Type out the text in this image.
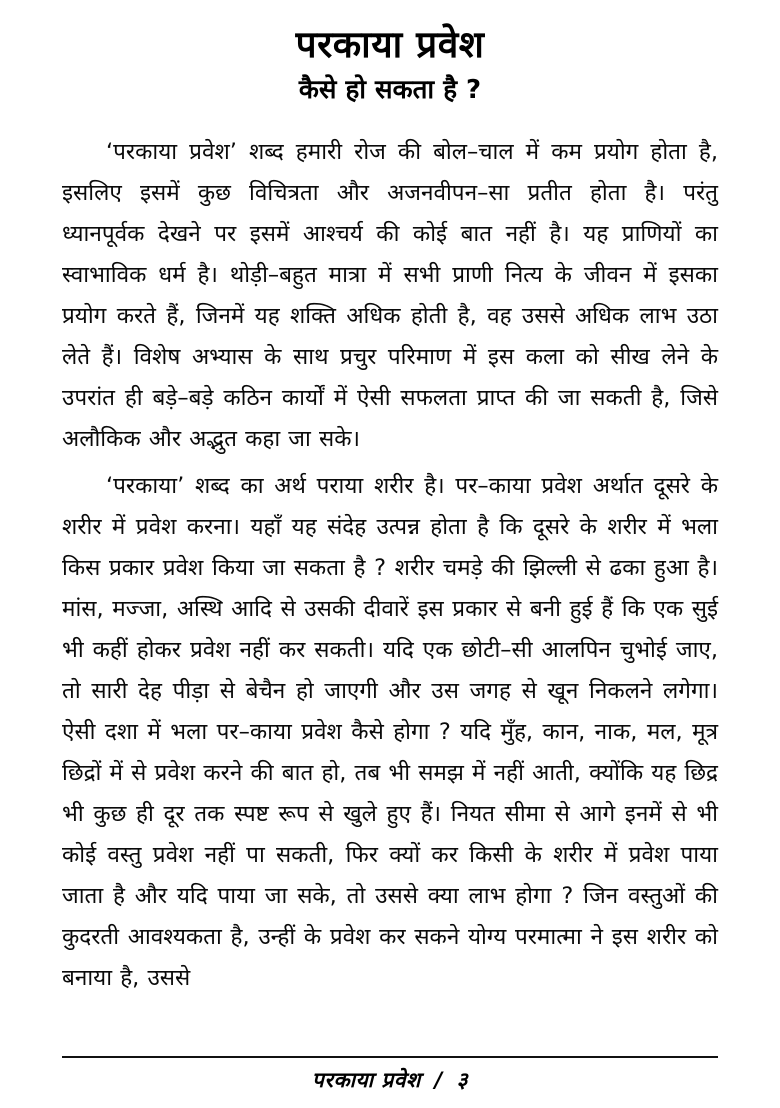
परकाया प्रवेश
कैसे हो सकता है ?

‘परकाया प्रवेश’ शब्द हमारी रोज की बोल–चाल में कम प्रयोग होता है, इसलिए इसमें कुछ विचित्रता और अजनवीपन–सा प्रतीत होता है। परंतु ध्यानपूर्वक देखने पर इसमें आश्चर्य की कोई बात नहीं है। यह प्राणियों का स्वाभाविक धर्म है। थोड़ी–बहुत मात्रा में सभी प्राणी नित्य के जीवन में इसका प्रयोग करते हैं, जिनमें यह शक्ति अधिक होती है, वह उससे अधिक लाभ उठा लेते हैं। विशेष अभ्यास के साथ प्रचुर परिमाण में इस कला को सीख लेने के उपरांत ही बड़े–बड़े कठिन कार्यों में ऐसी सफलता प्राप्त की जा सकती है, जिसे अलौकिक और अद्भुत कहा जा सके।

‘परकाया’ शब्द का अर्थ पराया शरीर है। पर–काया प्रवेश अर्थात दूसरे के शरीर में प्रवेश करना। यहाँ यह संदेह उत्पन्न होता है कि दूसरे के शरीर में भला किस प्रकार प्रवेश किया जा सकता है ? शरीर चमड़े की झिल्ली से ढका हुआ है। मांस, मज्जा, अस्थि आदि से उसकी दीवारें इस प्रकार से बनी हुई हैं कि एक सुई भी कहीं होकर प्रवेश नहीं कर सकती। यदि एक छोटी–सी आलपिन चुभोई जाए, तो सारी देह पीड़ा से बेचैन हो जाएगी और उस जगह से खून निकलने लगेगा। ऐसी दशा में भला पर–काया प्रवेश कैसे होगा ? यदि मुँह, कान, नाक, मल, मूत्र छिद्रों में से प्रवेश करने की बात हो, तब भी समझ में नहीं आती, क्योंकि यह छिद्र भी कुछ ही दूर तक स्पष्ट रूप से खुले हुए हैं। नियत सीमा से आगे इनमें से भी कोई वस्तु प्रवेश नहीं पा सकती, फिर क्यों कर किसी के शरीर में प्रवेश पाया जाता है और यदि पाया जा सके, तो उससे क्या लाभ होगा ? जिन वस्तुओं की कुदरती आवश्यकता है, उन्हीं के प्रवेश कर सकने योग्य परमात्मा ने इस शरीर को बनाया है, उससे

परकाया प्रवेश / ३
